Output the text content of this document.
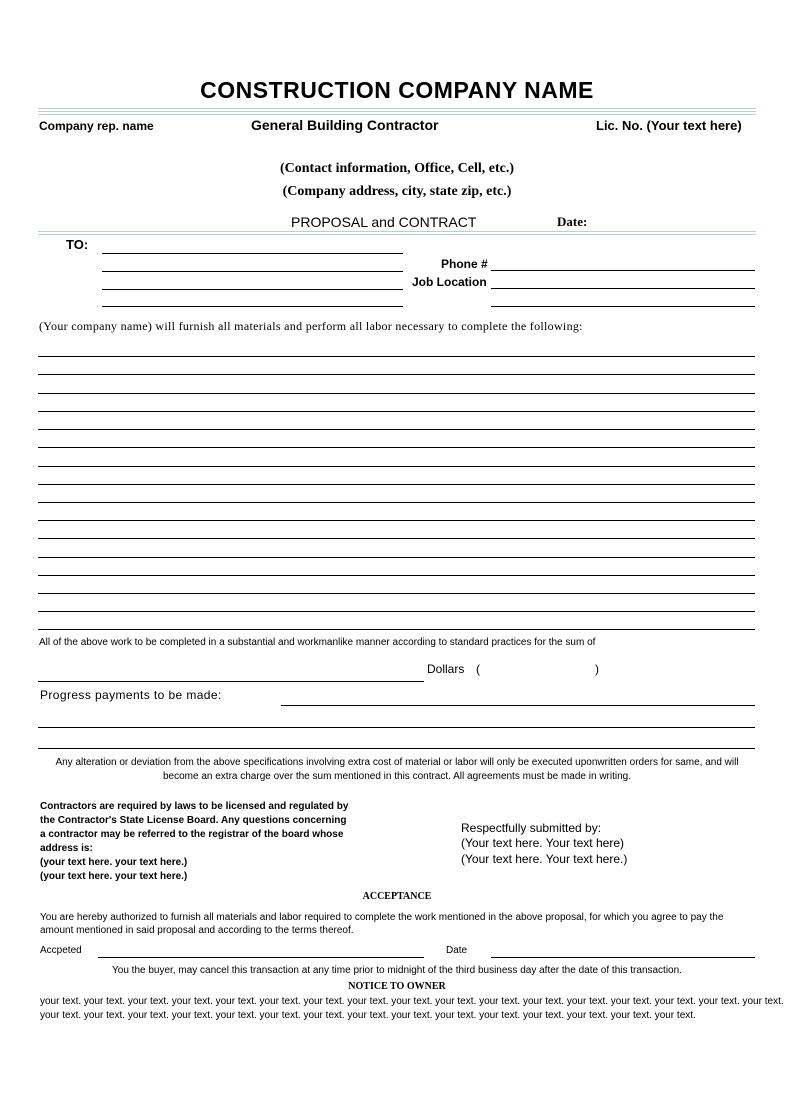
CONSTRUCTION COMPANY NAME
Company rep. name	General Building Contractor	Lic. No. (Your text here)
(Contact information, Office, Cell, etc.)
(Company address, city, state zip, etc.)
PROPOSAL and CONTRACT	Date:
TO:
Phone #
Job Location
(Your company name) will furnish all materials and perform all labor necessary to complete the following:
All of the above work to be completed in a substantial and workmanlike manner according to standard practices for the sum of
Dollars (	)
Progress payments to be made:
Any alteration or deviation from the above specifications involving extra cost of material or labor will only be executed uponwritten orders for same, and will
become an extra charge over the sum mentioned in this contract. All agreements must be made in writing.
Contractors are required by laws to be licensed and regulated by
the Contractor's State License Board. Any questions concerning
a contractor may be referred to the registrar of the board whose
address is:
(your text here. your text here.)
(your text here. your text here.)
Respectfully submitted by:
(Your text here. Your text here)
(Your text here. Your text here.)
ACCEPTANCE
You are hereby authorized to furnish all materials and labor required to complete the work mentioned in the above proposal, for which you agree to pay the
amount mentioned in said proposal and according to the terms thereof.
Accpeted	Date
You the buyer, may cancel this transaction at any time prior to midnight of the third business day after the date of this transaction.
NOTICE TO OWNER
your text. your text. your text. your text. your text. your text. your text. your text. your text. your text. your text. your text. your text. your text. your text. your text. your text.
your text. your text. your text. your text. your text. your text. your text. your text. your text. your text. your text. your text. your text. your text. your text.
